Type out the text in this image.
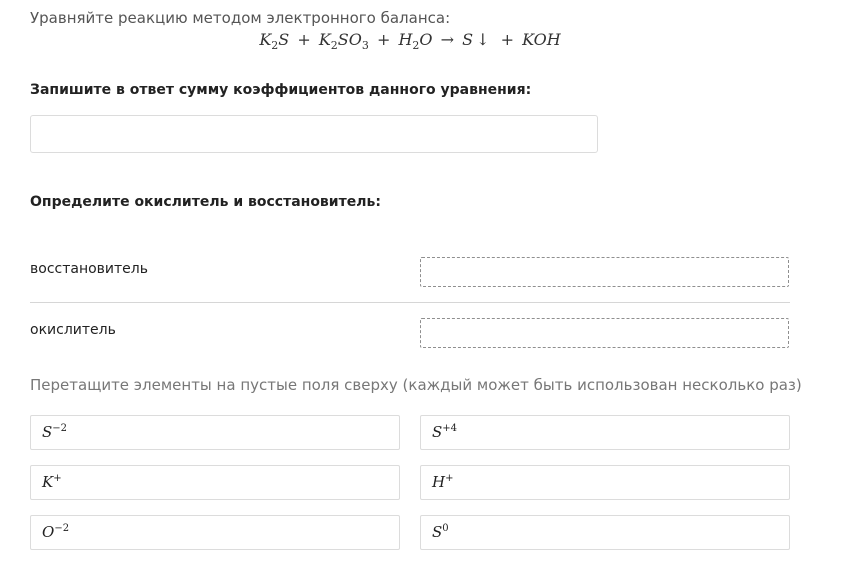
Уравняйте реакцию методом электронного баланса:
$K_2S + K_2SO_3 + H_2O \to S$ ↓ + KOH
Запишите в ответ сумму коэффициентов данного уравнения:
Определите окислитель и восстановитель:
восстановитель
окислитель
Перетащите элементы на пустые поля сверху (каждый может быть использован несколько раз)
$S^{-2}$	$S^{+4}$
K+	H+
$O^{-2}$	$S^0$
